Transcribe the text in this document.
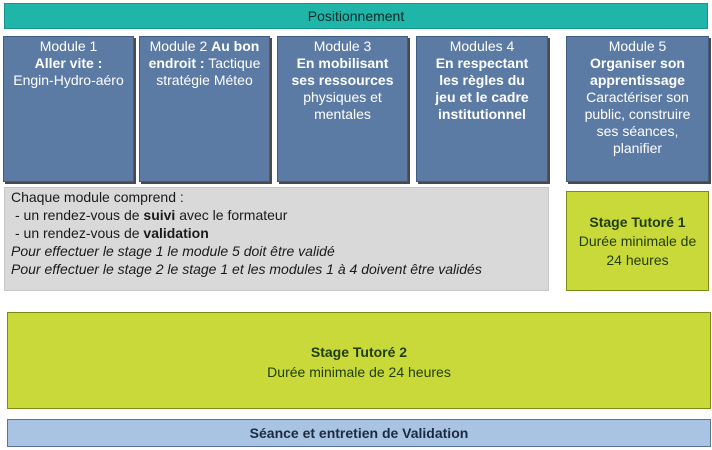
Positionnement
Module 1
Aller vite :
Engin-Hydro-aéro
Module 2 Au bon endroit : Tactique stratégie Méteo
Module 3
En mobilisant ses ressources
physiques et mentales
Modules 4
En respectant les règles du jeu et le cadre institutionnel
Module 5
Organiser son apprentissage
Caractériser son public, construire ses séances, planifier
Chaque module comprend :
- un rendez-vous de suivi avec le formateur
- un rendez-vous de validation
Pour effectuer le stage 1 le module 5 doit être validé
Pour effectuer le stage 2 le stage 1 et les modules 1 à 4 doivent être validés
Stage Tutoré 1
Durée minimale de 24 heures
Stage Tutoré 2
Durée minimale de 24 heures
Séance et entretien de Validation
